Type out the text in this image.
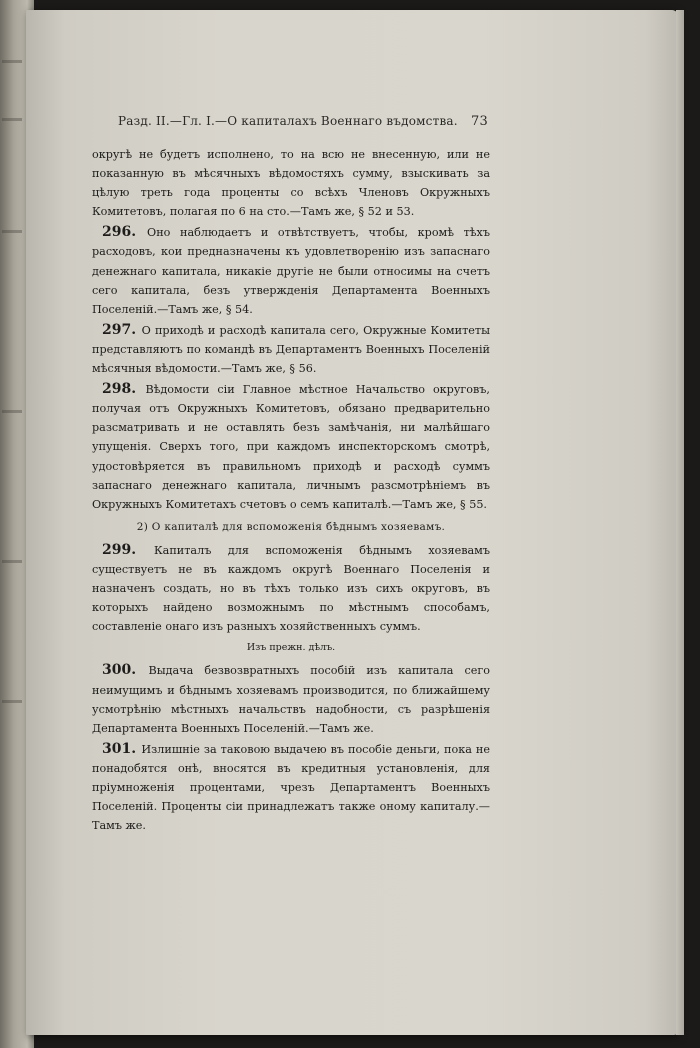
Разд. II.—Гл. I.—О капиталахъ Военнаго въдомства. 73

округѣ не будетъ исполнено, то на всю не внесенную, или не показанную въ мѣсячныхъ вѣдомостяхъ сумму, взыскивать за цѣлую треть года проценты со всѣхъ Членовъ Окружныхъ Комитетовъ, полагая по 6 на сто.—Тамъ же, § 52 и 53.

296. Оно наблюдаетъ и отвѣтствуетъ, чтобы, кромѣ тѣхъ расходовъ, кои предназначены къ удовлетворенію изъ запаснаго денежнаго капитала, никакіе другіе не были относимы на счетъ сего капитала, безъ утвержденія Департамента Военныхъ Поселеній.—Тамъ же, § 54.

297. О приходѣ и расходѣ капитала сего, Окружные Комитеты представляютъ по командѣ въ Департаментъ Военныхъ Поселеній мѣсячныя вѣдомости.—Тамъ же, § 56.

298. Вѣдомости сіи Главное мѣстное Начальство округовъ, получая отъ Окружныхъ Комитетовъ, обязано предварительно разсматривать и не оставлять безъ замѣчанія, ни малѣйшаго упущенія. Сверхъ того, при каждомъ инспекторскомъ смотрѣ, удостовѣряется въ правильномъ приходѣ и расходѣ суммъ запаснаго денежнаго капитала, личнымъ разсмотрѣніемъ въ Окружныхъ Комитетахъ счетовъ о семъ капиталѣ.—Тамъ же, § 55.

2) О капиталѣ для вспоможенія бѣднымъ хозяевамъ.

299. Капиталъ для вспоможенія бѣднымъ хозяевамъ существуетъ не въ каждомъ округѣ Военнаго Поселенія и назначенъ создать, но въ тѣхъ только изъ сихъ округовъ, въ которыхъ найдено возможнымъ по мѣстнымъ способамъ, составленіе онаго изъ разныхъ хозяйственныхъ суммъ.

Изъ прежн. дѣлъ.

300. Выдача безвозвратныхъ пособій изъ капитала сего неимущимъ и бѣднымъ хозяевамъ производится, по ближайшему усмотрѣнію мѣстныхъ начальствъ надобности, съ разрѣшенія Департамента Военныхъ Поселеній.—Тамъ же.

301. Излишніе за таковою выдачею въ пособіе деньги, пока не понадобятся онѣ, вносятся въ кредитныя установленія, для пріумноженія процентами, чрезъ Департаментъ Военныхъ Поселеній. Проценты сіи принадлежатъ также оному капиталу.—Тамъ же.
